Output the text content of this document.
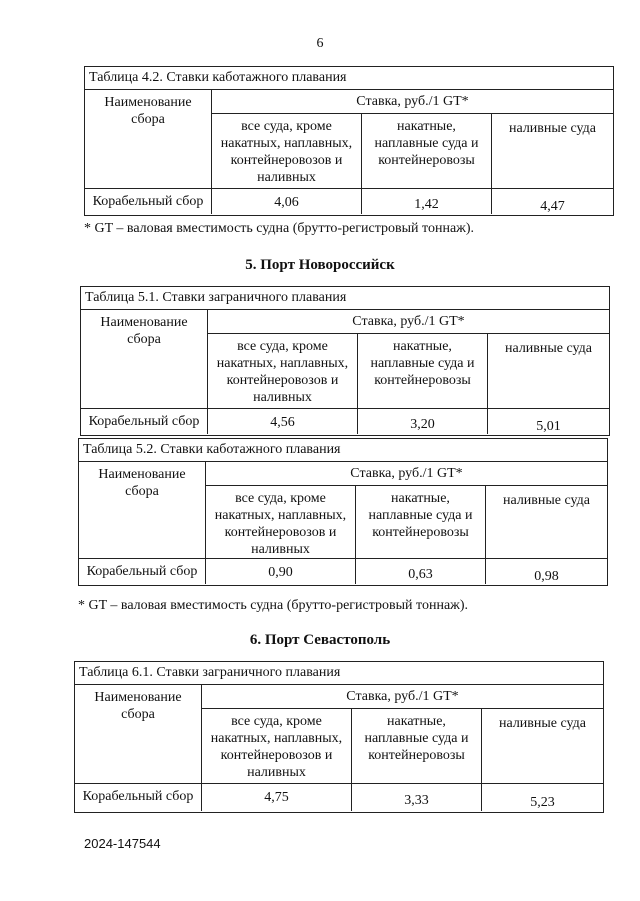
6
Таблица 4.2. Ставки каботажного плавания
Наименование сбора
Ставка, руб./1 GT*
все суда, кроме накатных, наплавных, контейнеровозов и наливных
накатные, наплавные суда и контейнеровозы
наливные суда
Корабельный сбор	4,06	1,42	4,47
* GT – валовая вместимость судна (брутто-регистровый тоннаж).
5. Порт Новороссийск
Таблица 5.1. Ставки заграничного плавания
Наименование сбора
Ставка, руб./1 GT*
все суда, кроме накатных, наплавных, контейнеровозов и наливных
накатные, наплавные суда и контейнеровозы
наливные суда
Корабельный сбор	4,56	3,20	5,01
Таблица 5.2. Ставки каботажного плавания
Наименование сбора
Ставка, руб./1 GT*
все суда, кроме накатных, наплавных, контейнеровозов и наливных
накатные, наплавные суда и контейнеровозы
наливные суда
Корабельный сбор	0,90	0,63	0,98
* GT – валовая вместимость судна (брутто-регистровый тоннаж).
6. Порт Севастополь
Таблица 6.1. Ставки заграничного плавания
Наименование сбора
Ставка, руб./1 GT*
все суда, кроме накатных, наплавных, контейнеровозов и наливных
накатные, наплавные суда и контейнеровозы
наливные суда
Корабельный сбор	4,75	3,33	5,23
2024-147544
